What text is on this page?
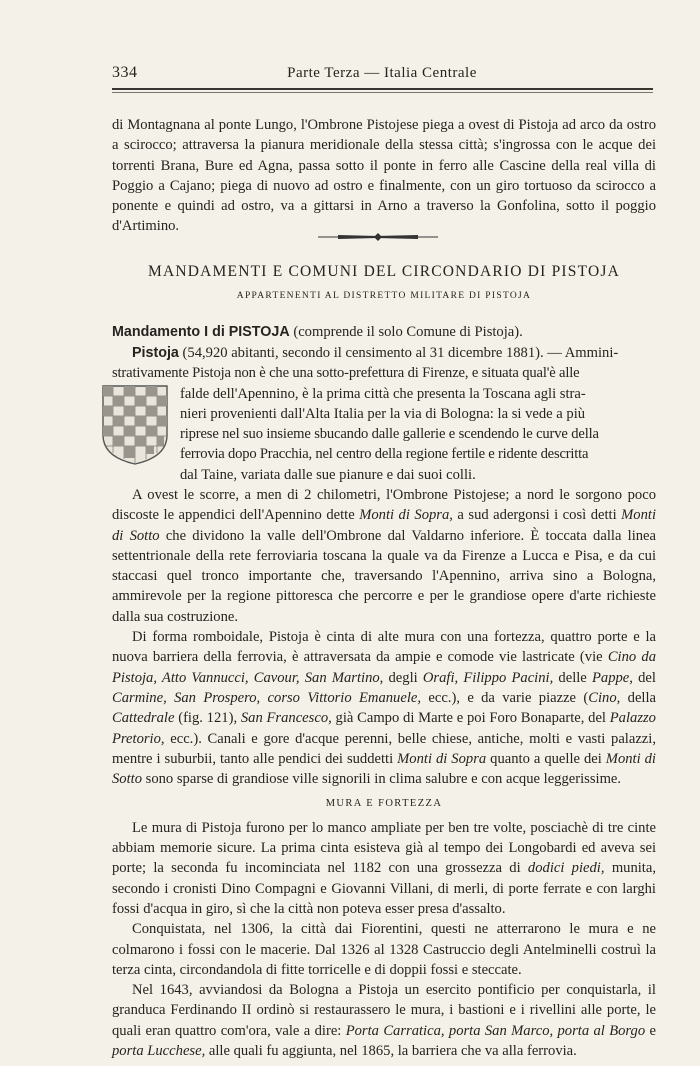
334	Parte Terza — Italia Centrale

di Montagnana al ponte Lungo, l'Ombrone Pistojese piega a ovest di Pistoja ad arco da ostro a scirocco; attraversa la pianura meridionale della stessa città; s'ingrossa con le acque dei torrenti Brana, Bure ed Agna, passa sotto il ponte in ferro alle Cascine della real villa di Poggio a Cajano; piega di nuovo ad ostro e finalmente, con un giro tortuoso da scirocco a ponente e quindi ad ostro, va a gittarsi in Arno a traverso la Gonfolina, sotto il poggio d'Artimino.

MANDAMENTI E COMUNI DEL CIRCONDARIO DI PISTOJA
APPARTENENTI AL DISTRETTO MILITARE DI PISTOJA

Mandamento I di PISTOJA (comprende il solo Comune di Pistoja).

Pistoja (54,920 abitanti, secondo il censimento al 31 dicembre 1881). — Ammini-

strativamente Pistoja non è che una sotto-prefettura di Firenze, e situata qual'è alle

falde dell'Apennino, è la prima città che presenta la Toscana agli stra-

nieri provenienti dall'Alta Italia per la via di Bologna: la si vede a più

riprese nel suo insieme sbucando dalle gallerie e scendendo le curve della

ferrovia dopo Pracchia, nel centro della regione fertile e ridente descritta

dal Taine, variata dalle sue pianure e dai suoi colli.

A ovest le scorre, a men di 2 chilometri, l'Ombrone Pistojese; a nord le sorgono poco discoste le appendici dell'Apennino dette Monti di Sopra, a sud adergonsi i così detti Monti di Sotto che dividono la valle dell'Ombrone dal Valdarno inferiore. È toccata dalla linea settentrionale della rete ferroviaria toscana la quale va da Firenze a Lucca e Pisa, e da cui staccasi quel tronco importante che, traversando l'Apennino, arriva sino a Bologna, ammirevole per la regione pittoresca che percorre e per le grandiose opere d'arte richieste dalla sua costruzione.

Di forma romboidale, Pistoja è cinta di alte mura con una fortezza, quattro porte e la nuova barriera della ferrovia, è attraversata da ampie e comode vie lastricate (vie Cino da Pistoja, Atto Vannucci, Cavour, San Martino, degli Orafi, Filippo Pacini, delle Pappe, del Carmine, San Prospero, corso Vittorio Emanuele, ecc.), e da varie piazze (Cino, della Cattedrale (fig. 121), San Francesco, già Campo di Marte e poi Foro Bonaparte, del Palazzo Pretorio, ecc.). Canali e gore d'acque perenni, belle chiese, antiche, molti e vasti palazzi, mentre i suburbii, tanto alle pendici dei suddetti Monti di Sopra quanto a quelle dei Monti di Sotto sono sparse di grandiose ville signorili in clima salubre e con acque leggerissime.

MURA E FORTEZZA

Le mura di Pistoja furono per lo manco ampliate per ben tre volte, posciachè di tre cinte abbiam memorie sicure. La prima cinta esisteva già al tempo dei Longobardi ed aveva sei porte; la seconda fu incominciata nel 1182 con una grossezza di dodici piedi, munita, secondo i cronisti Dino Compagni e Giovanni Villani, di merli, di porte ferrate e con larghi fossi d'acqua in giro, sì che la città non poteva esser presa d'assalto.

Conquistata, nel 1306, la città dai Fiorentini, questi ne atterrarono le mura e ne colmarono i fossi con le macerie. Dal 1326 al 1328 Castruccio degli Antelminelli costruì la terza cinta, circondandola di fitte torricelle e di doppii fossi e steccate.

Nel 1643, avviandosi da Bologna a Pistoja un esercito pontificio per conquistarla, il granduca Ferdinando II ordinò si restaurassero le mura, i bastioni e i rivellini alle porte, le quali eran quattro com'ora, vale a dire: Porta Carratica, porta San Marco, porta al Borgo e porta Lucchese, alle quali fu aggiunta, nel 1865, la barriera che va alla ferrovia.
